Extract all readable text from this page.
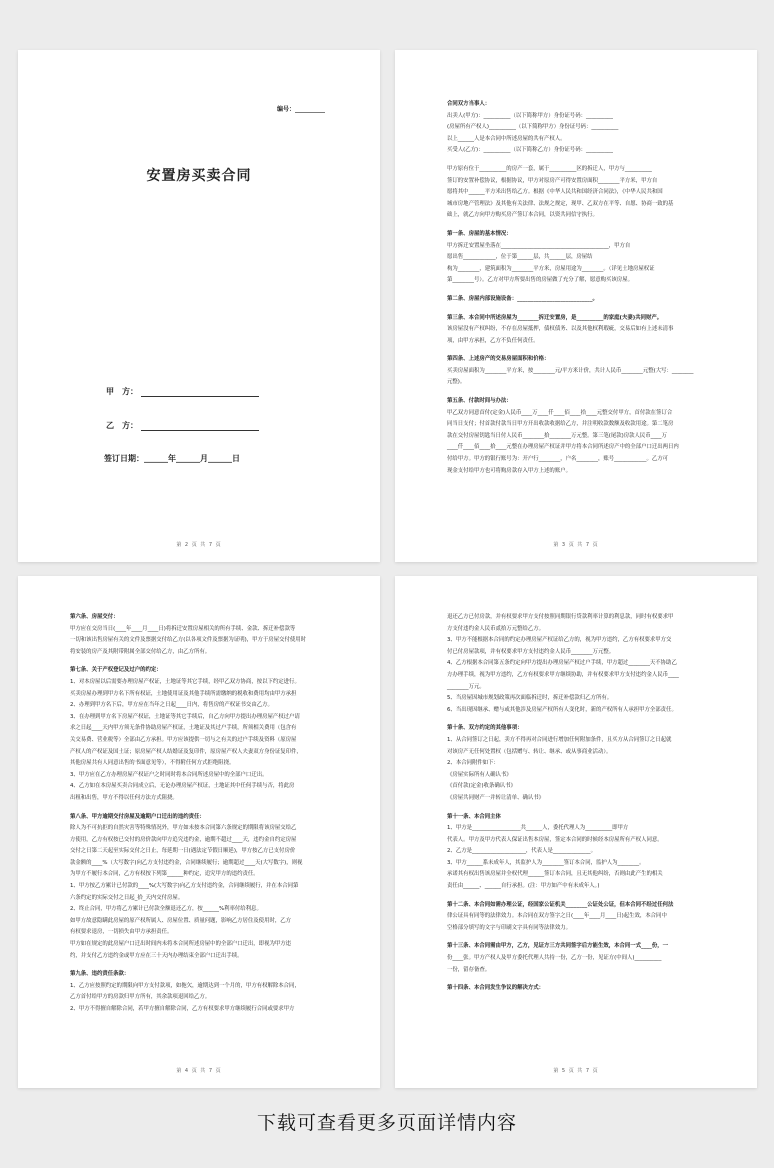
编号：__________
安置房买卖合同
甲　方：
乙　方：
签订日期：______年______月______日
第 2 页 共 7 页

合同双方当事人：

出卖人(甲方)：__________（以下简称甲方）身份证号码：__________

(房屋所有产权人)__________（以下简称甲方）身份证号码：__________

以上______人是本合同中所述房屋的共有产权人。

买受人(乙方)：__________（以下简称乙方）身份证号码：__________

甲方原有位于__________的房产一套，属于__________区的拆迁人，甲方与__________

签订的安置补偿协议，根据协议，甲方对原房产可得安置房面积________平方米，甲方自

愿将其中______平方米出售给乙方。根据《中华人民共和国经济合同法》，《中华人民共和国

城市房地产管理法》及其他有关法律、法规之规定，现甲、乙双方在平等、自愿、协商一致的基

础上，就乙方向甲方购买房产签订本合同，以资共同信守执行。

第一条、房屋的基本情况：

甲方拆迁安置屋坐落在________________________________________，甲方自

愿出售____________，位于第______层，共______层，房屋结

构为________，建筑面积为________平方米，房屋用途为________。（详见土地房屋权证

第________号）。乙方对甲方所要出售的房屋做了充分了解，愿意购买该房屋。

第二条、房屋内部设施设备：____________________________。

第三条、本合同中所述房屋为________拆迁安置房，是__________的家庭(夫妻)共同财产。

该房屋没有产权纠纷，不存在房屋抵押，债权债务、以及其他权利瑕疵，交易后如有上述未清事

项，由甲方承担，乙方不负任何责任。

第四条、上述房产的交易房屋面积和价格：

买卖房屋面积为________平方米，按________元/平方米计价，共计人民币________元整(大写：________

元整)。

第五条、付款时间与办法：

甲乙双方同意首付(定金)人民币____万____仟____佰____拾____元整交付甲方，首付款在签订合

同当日支付；付首款付款当日甲方开出收款收据给乙方，并注明收款数额及收款用途。第二笔房

款在交付房屋钥匙当日付人民币________拾________万元整。第三笔(尾款)房款人民币____万

____仟____佰____拾____元整在办理房屋产权证并甲方将本合同所述房产中的全部户口迁出两日内

付给甲方。甲方的银行账号为：开户行________，户名________，账号____________。乙方可

现金支付给甲方也可将购房款存入甲方上述的账户。

第 3 页 共 7 页

第六条、房屋交付：

甲方应在交房当日(____年____月____日)将拆迁安置房屋相关的所有手续、金款、拆迁补偿款等

一切和该出售房屋有关的文件及票据交付给乙方(以各项文件及票据为证明)，甲方于房屋交付使用时

将安装的房产及其附带附属全部交付给乙方，由乙方所有。

第七条、关于产权登记及过户的约定：

1、对本房屋以后需要办理房屋产权证，土地证等其它手续，经甲乙双方协商，按以下约定进行。

买卖房屋办理到甲方名下所有权证，土地使用证及其他手续所需缴纳的税收和费用均由甲方承担

2、办理到甲方名下后，甲方应在当年之日起____日内，将售房的产权证书交由乙方。

3、在办理到甲方名下房屋产权证，土地证等其它手续后，自乙方向甲方提出办理房屋产权过户请

求之日起____天内甲方须无条件协助房屋产权证，土地证及其过户手续，所须相关费用（包含有

关交易费、营业税等）全部由乙方承担。甲方应该提供一切与之有关的过户手续及资料（原房屋

产权人的产权证及国土证；原房屋产权人结婚证及复印件，原房屋产权人夫妻双方身份证复印件，

其他房屋共有人同意出售的书面意见等），不得附任何方式拒绝阻挠。

3、甲方应在乙方办理房屋产权证户之时同时将本合同所述房屋中的全部户口迁出。

4、乙方如在本房屋买卖合同成立后，无论办理房屋产权证，土地证其中任何手续与否，将此房

出租和出售，甲方不得以任何方法方式阻挠。

第八条、甲方逾期交付房屋及逾期户口迁出的违约责任：

除人为不可抗拒的自然灾害等特殊情况外，甲方如未按本合同第六条规定的期限将该房屋交给乙

方使用，乙方有权按已交付的房价款向甲方追究违约金，逾期不超过____天，违约金自约定房屋

交付之日第二天起至实际交付之日止，每延期一日(遇法定节假日顺延)，甲方按乙方已支付房价

款金额的____%（大写数字)向乙方支付违约金，合同继续履行；逾期超过____天(大写数字)，则视

为甲方不履行本合同，乙方有权按下列第______种约定，追究甲方的违约责任。

1、甲方按乙方累计已付款的____%(大写数字)向乙方支付违约金，合同继续履行，并在本合同第

六条约定的实际交付之日起_拾_天内交付房屋。

2、终止合同，甲方将乙方累计已付款全额退还乙方，按______%利率付给利息。

如甲方故意隐瞒此房屋的原产权所属人、房屋位置、质量问题，影响乙方居住及使用时，乙方

有权要求退房，一切损失由甲方承担责任。

甲方如在规定的此房屋户口迁出时间内未将本合同所述房屋中的全部户口迁出，即视为甲方违

约，并支付乙方违约金或甲方应在三十天内办理结束全部户口迁出手续。

第九条、违约责任条款：

1、乙方应按照约定的期限向甲方支付款项，如拖欠，逾期达到一个月的，甲方有权解除本合同，

乙方首付给甲方的房款归甲方所有，其余款项退回给乙方。

2、甲方不得擅自解除合同，若甲方擅自解除合同，乙方有权要求甲方继续履行合同或要求甲方

第 4 页 共 7 页

退还乙方已付房款，并有权要求甲方支付按照同期银行贷款利率计算的利息款，同时有权要求甲

方支付违约金人民币贰拾万元整给乙方。

3、甲方不能根据本合同的约定办理房屋产权证给乙方的，视为甲方违约，乙方有权要求甲方交

付已付房屋款项，并有权要求甲方支付违约金人民币________万元整。

4、乙方根据本合同第五条约定向甲方提出办理房屋产权过户手续，甲方超过________天不协助乙

方办理手续，视为甲方违约，乙方有权要求甲方继续协助，并有权要求甲方支付违约金人民币____

________万元。

5、当房屋因城市规划政策再次面临拆迁时，拆迁补偿款归乙方所有。

6、当出现因继承、赠与或其他涉及房屋产权所有人变化时，新的产权所有人承担甲方全部责任。

第十条、双方约定的其他事项：

1、从合同签订之日起，卖方不得再对合同进行增加任何附加条件，且买方从合同签订之日起就

对该房产无任何处置权（包括赠与、转让、继承、或从事商业活动）。

2、本合同附件如下：

《房屋实际所有人确认书》

《首付款(定金)收条确认书》

《房屋共同财产一并转让清单、确认书》

第十一条、本合同主体

1、甲方是__________________共______人，委托代理人为__________即甲方

代表人。甲方及甲方代表人保证出售本房屋，签定本合同的时候经本房屋所有产权人同意。

2、乙方是____________________，代表人是______________。

3、甲方______系未成年人，其监护人为________签订本合同，监护人为________。

承诺其有权出售该房屋并全权代理______签订本合同，且无其他纠纷，否则由此产生的相关

责任由______、______自行承担。(注：甲方如产中有未成年人。)

第十二条、本合同如需办理公证，经国家公证机关________公证处公证，但本合同不经过任何法

律公证具有同等的法律效力。本合同在双方签字之日(____年____月____日)起生效，本合同中

空格部分填写的文字与印刷文字具有同等法律效力。

第十三条、本合同需由甲方，乙方，见证方三方共同签字后方能生效，本合同一式____份，一

份____张。甲方产权人及甲方委托代理人共持一份，乙方一份，见证方(中间人)__________

一份，留存备查。

第十四条、本合同发生争议的解决方式：

第 5 页 共 7 页
下载可查看更多页面详情内容
